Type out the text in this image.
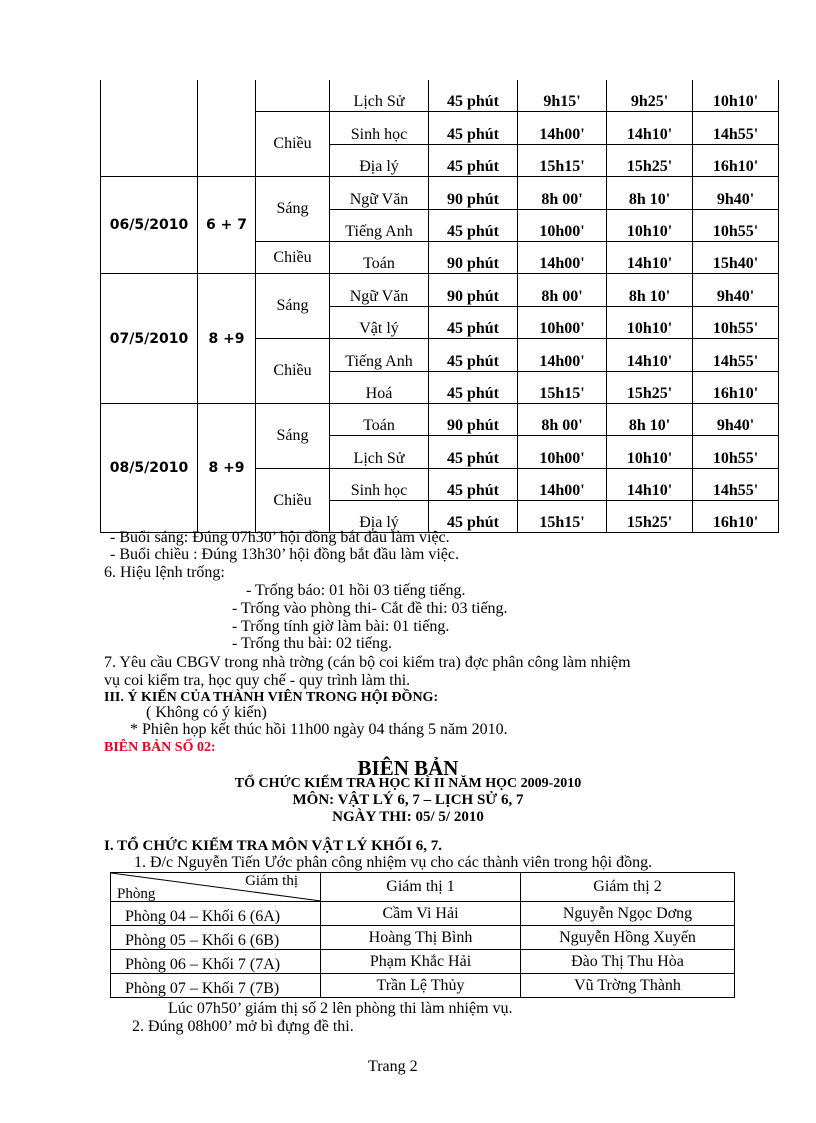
			Lịch Sử	45 phút	9h15'	9h25'	10h10'
		Chiều	Sinh học	45 phút	14h00'	14h10'	14h55'
			Địa lý	45 phút	15h15'	15h25'	16h10'
06/5/2010	6 + 7	Sáng	Ngữ Văn	90 phút	8h 00'	8h 10'	9h40'
			Tiếng Anh	45 phút	10h00'	10h10'	10h55'
		Chiều	Toán	90 phút	14h00'	14h10'	15h40'
07/5/2010	8 +9	Sáng	Ngữ Văn	90 phút	8h 00'	8h 10'	9h40'
			Vật lý	45 phút	10h00'	10h10'	10h55'
		Chiều	Tiếng Anh	45 phút	14h00'	14h10'	14h55'
			Hoá	45 phút	15h15'	15h25'	16h10'
08/5/2010	8 +9	Sáng	Toán	90 phút	8h 00'	8h 10'	9h40'
			Lịch Sử	45 phút	10h00'	10h10'	10h55'
		Chiều	Sinh học	45 phút	14h00'	14h10'	14h55'
			Địa lý	45 phút	15h15'	15h25'	16h10'
- Buổi sáng: Đúng 07h30’ hội đồng bắt đầu làm việc.
- Buổi chiều : Đúng 13h30’ hội đồng bắt đầu làm việc.
6. Hiệu lệnh trống:
- Trống báo: 01 hồi 03 tiếng tiếng.
- Trống vào phòng thi- Cắt đề thi: 03 tiếng.
- Trống tính giờ làm bài: 01 tiếng.
- Trống thu bài: 02 tiếng.
7. Yêu cầu CBGV trong nhà trờng (cán bộ coi kiểm tra) đợc phân công làm nhiệm
vụ coi kiểm tra, học quy chế - quy trình làm thi.
III. Ý KIẾN CỦA THÀNH VIÊN TRONG HỘI ĐỒNG:
( Không có ý kiến)
* Phiên họp kết thúc hồi 11h00 ngày 04 tháng 5 năm 2010.
BIÊN BẢN SỐ 02:
BIÊN BẢN
TỔ CHỨC KIỂM TRA HỌC KÌ II NĂM HỌC 2009-2010
MÔN: VẬT LÝ 6, 7 – LỊCH SỬ 6, 7
NGÀY THI: 05/ 5/ 2010
I. TỔ CHỨC KIỂM TRA MÔN VẬT LÝ KHỐI 6, 7.
1. Đ/c Nguyễn Tiến Ước phân công nhiệm vụ cho các thành viên trong hội đồng.
Giám thị
Phòng	Giám thị 1	Giám thị 2
Phòng 04 – Khối 6 (6A)	Cầm Vi Hải	Nguyễn Ngọc Dơng
Phòng 05 – Khối 6 (6B)	Hoàng Thị Bình	Nguyễn Hồng Xuyến
Phòng 06 – Khối 7 (7A)	Phạm Khắc Hải	Đào Thị Thu Hòa
Phòng 07 – Khối 7 (7B)	Trần Lệ Thủy	Vũ Trờng Thành
Lúc 07h50’ giám thị số 2 lên phòng thi làm nhiệm vụ.
2. Đúng 08h00’ mở bì đựng đề thi.
Trang 2
